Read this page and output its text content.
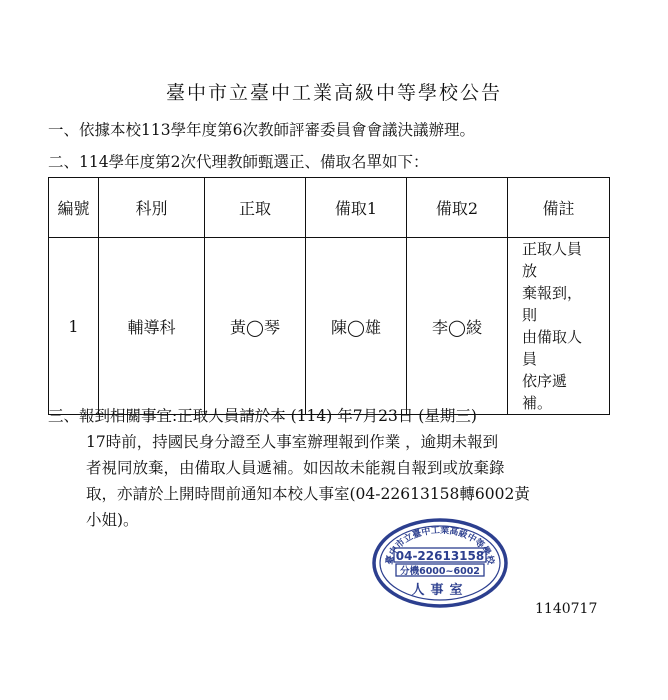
臺中市立臺中工業高級中等學校公告
一、依據本校113學年度第6次教師評審委員會會議決議辦理。
二、114學年度第2次代理教師甄選正、備取名單如下：
編號	科別	正取	備取1	備取2	備註
1	輔導科	黃◯琴	陳◯雄	李◯綾	正取人員放
棄報到，則
由備取人員
依序遞補。
三、報到相關事宜:正取人員請於本 (114) 年7月23日 (星期三)
17時前，持國民身分證至人事室辦理報到作業 ，逾期未報到
者視同放棄，由備取人員遞補。如因故未能親自報到或放棄錄
取，亦請於上開時間前通知本校人事室(04-22613158轉6002黃
小姐)。
臺中市立臺中工業高級中等學校
04-22613158
分機6000~6002
人事室
1140717
